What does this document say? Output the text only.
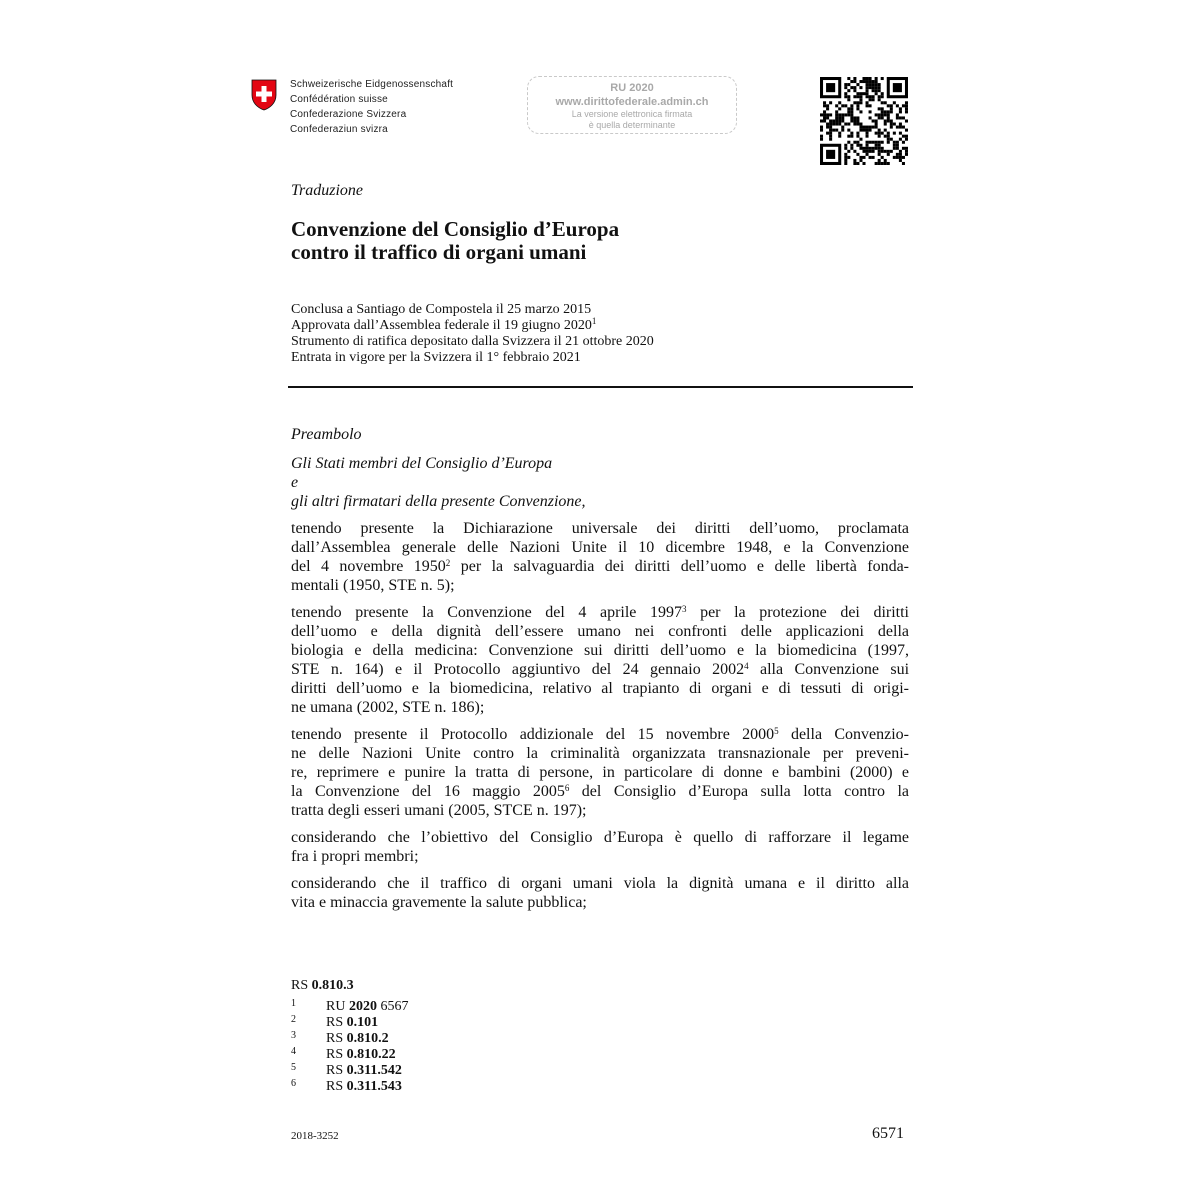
Schweizerische Eidgenossenschaft
Confédération suisse
Confederazione Svizzera
Confederaziun svizra
RU 2020
www.dirittofederale.admin.ch
La versione elettronica firmata
è quella determinante
Traduzione
Convenzione del Consiglio d’Europa
contro il traffico di organi umani
Conclusa a Santiago de Compostela il 25 marzo 2015
Approvata dall’Assemblea federale il 19 giugno 2020$^1$
Strumento di ratifica depositato dalla Svizzera il 21 ottobre 2020
Entrata in vigore per la Svizzera il 1° febbraio 2021
Preambolo
Gli Stati membri del Consiglio d’Europa
e
gli altri firmatari della presente Convenzione,
tenendo presente la Dichiarazione universale dei diritti dell’uomo, proclamata
dall’Assemblea generale delle Nazioni Unite il 10 dicembre 1948, e la Convenzione
del 4 novembre 1950$^2$ per la salvaguardia dei diritti dell’uomo e delle libertà fonda-
mentali (1950, STE n. 5);
tenendo presente la Convenzione del 4 aprile 1997$^3$ per la protezione dei diritti
dell’uomo e della dignità dell’essere umano nei confronti delle applicazioni della
biologia e della medicina: Convenzione sui diritti dell’uomo e la biomedicina (1997,
STE n. 164) e il Protocollo aggiuntivo del 24 gennaio 2002$^4$ alla Convenzione sui
diritti dell’uomo e la biomedicina, relativo al trapianto di organi e di tessuti di origi-
ne umana (2002, STE n. 186);
tenendo presente il Protocollo addizionale del 15 novembre 2000$^5$ della Convenzio-
ne delle Nazioni Unite contro la criminalità organizzata transnazionale per preveni-
re, reprimere e punire la tratta di persone, in particolare di donne e bambini (2000) e
la Convenzione del 16 maggio 2005$^6$ del Consiglio d’Europa sulla lotta contro la
tratta degli esseri umani (2005, STCE n. 197);
considerando che l’obiettivo del Consiglio d’Europa è quello di rafforzare il legame
fra i propri membri;
considerando che il traffico di organi umani viola la dignità umana e il diritto alla
vita e minaccia gravemente la salute pubblica;
RS 0.810.3
1 RU 2020 6567
2 RS 0.101
3 RS 0.810.2
4 RS 0.810.22
5 RS 0.311.542
6 RS 0.311.543
2018-3252	6571
